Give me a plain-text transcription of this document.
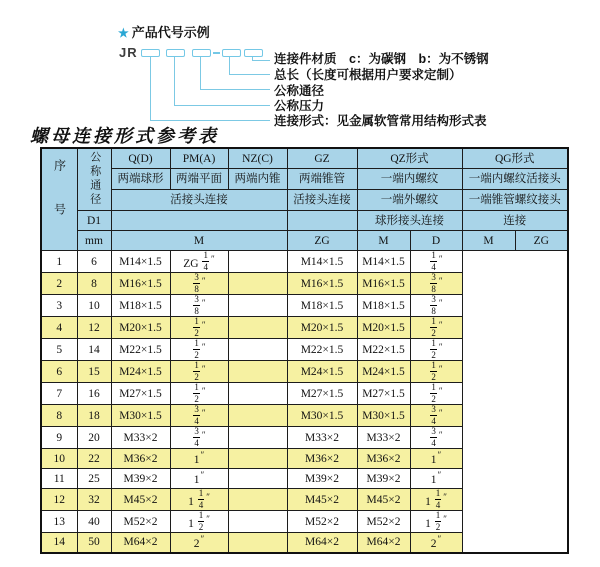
★ 产品代号示例
JR	连接件材质　c：为碳钢　b：为不锈钢
总长（长度可根据用户要求定制）
公称通径
公称压力
连接形式：见金属软管常用结构形式表
螺母连接形式参考表
序号	公称通径	Q(D)	PM(A)	NZ(C)	GZ	QZ形式		QG形式	
		两端球形	两端平面	两端内锥	两端锥管	一端内螺纹		一端内螺纹活接头	
		活接头连接			活接头连接	一端外螺纹		一端锥管螺纹接头	
	D1					球形接头连接		连接	
	mm	M			ZG	M	D	M	ZG
1	6	M14×1.5	ZG $\frac{1}{4} ''$		M14×1.5	M14×1.5	$\frac{1}{4} ''$
2	8	M16×1.5	$\frac{3}{8} ''$		M16×1.5	M16×1.5	$\frac{3}{8} ''$
3	10	M18×1.5	$\frac{3}{8} ''$		M18×1.5	M18×1.5	$\frac{3}{8} ''$
4	12	M20×1.5	$\frac{1}{2} ''$		M20×1.5	M20×1.5	$\frac{1}{2} ''$
5	14	M22×1.5	$\frac{1}{2} ''$		M22×1.5	M22×1.5	$\frac{1}{2} ''$
6	15	M24×1.5	$\frac{1}{2} ''$		M24×1.5	M24×1.5	$\frac{1}{2} ''$
7	16	M27×1.5	$\frac{1}{2} ''$		M27×1.5	M27×1.5	$\frac{1}{2} ''$
8	18	M30×1.5	$\frac{3}{4} ''$		M30×1.5	M30×1.5	$\frac{3}{4} ''$
9	20	M33×2	$\frac{3}{4} ''$		M33×2	M33×2	$\frac{3}{4} ''$
10	22	M36×2	1″		M36×2	M36×2	1″
11	25	M39×2	1″		M39×2	M39×2	1″
12	32	M45×2	$1 \frac{1}{4} ''$		M45×2	M45×2	$1 \frac{1}{4} ''$
13	40	M52×2	$1 \frac{1}{2} ''$		M52×2	M52×2	$1 \frac{1}{2} ''$
14	50	M64×2	2″		M64×2	M64×2	2″
